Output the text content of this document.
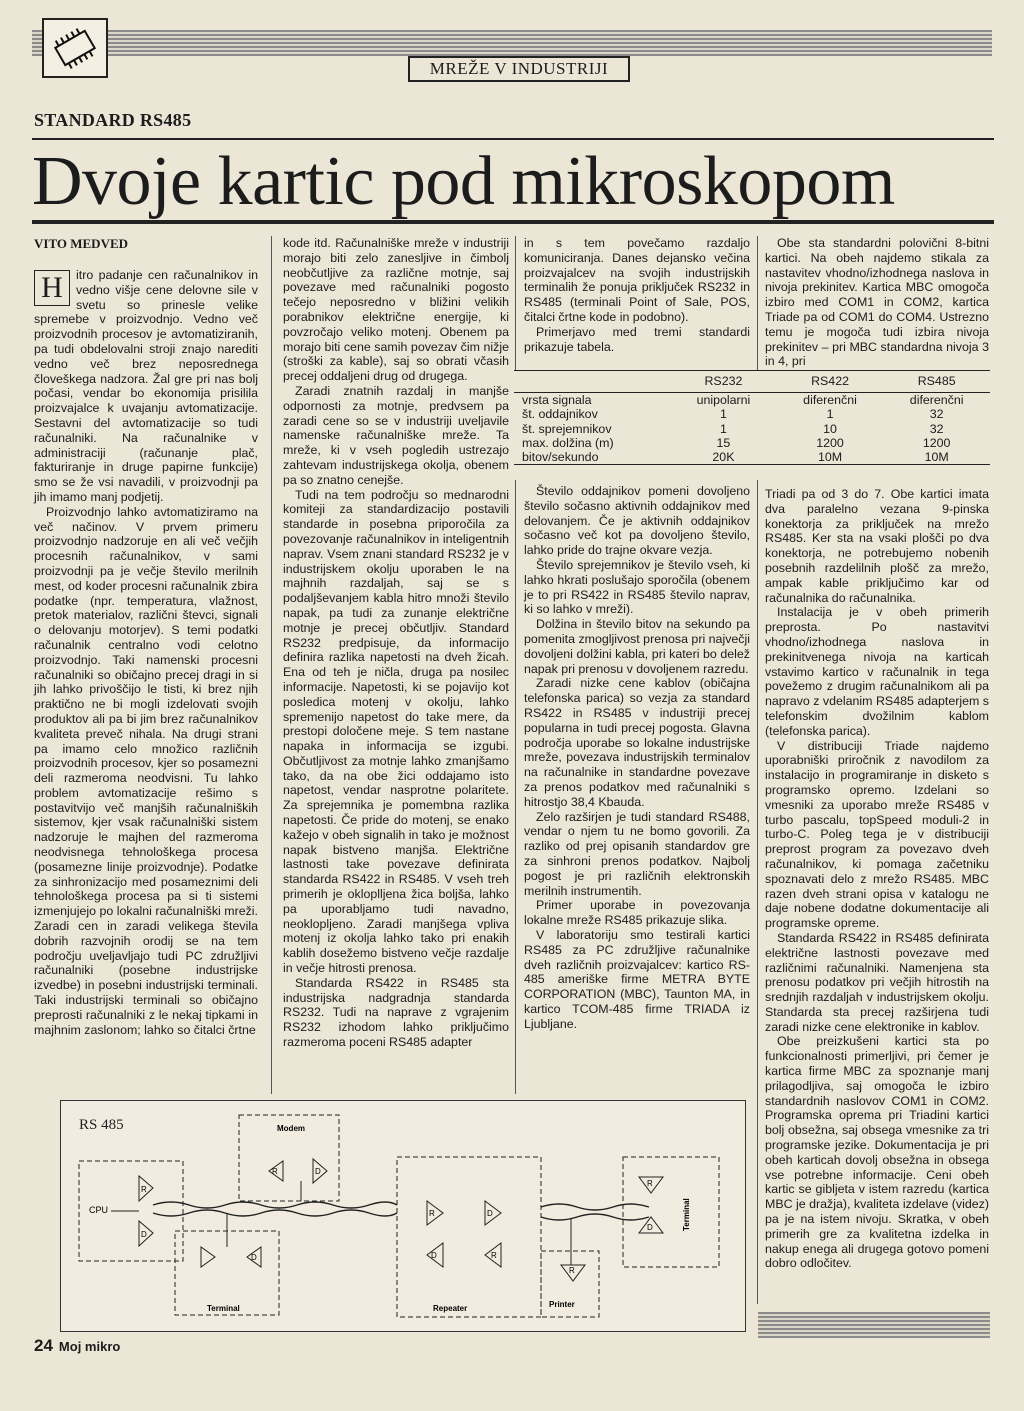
MREŽE V INDUSTRIJI
STANDARD RS485
Dvoje kartic pod mikroskopom
VITO MEDVED

H	itro padanje cen računalnikov in vedno višje cene delovne sile v svetu so prinesle velike spremebe v proizvodnjo. Vedno več proizvodnih procesov je avtomatiziranih, pa tudi obdelovalni stroji znajo narediti vedno več brez neposrednega človeškega nadzora. Žal gre pri nas bolj počasi, vendar bo ekonomija prisilila proizvajalce k uvajanju avtomatizacije. Sestavni del avtomatizacije so tudi računalniki. Na računalnike v administraciji (računanje plač, fakturiranje in druge papirne funkcije) smo se že vsi navadili, v proizvodnji pa jih imamo manj podjetij.

Proizvodnjo lahko avtomatiziramo na več načinov. V prvem primeru proizvodnjo nadzoruje en ali več večjih procesnih računalnikov, v sami proizvodnji pa je večje število merilnih mest, od koder procesni računalnik zbira podatke (npr. temperatura, vlažnost, pretok materialov, različni števci, signali o delovanju motorjev). S temi podatki računalnik centralno vodi celotno proizvodnjo. Taki namenski procesni računalniki so običajno precej dragi in si jih lahko privoščijo le tisti, ki brez njih praktično ne bi mogli izdelovati svojih produktov ali pa bi jim brez računalnikov kvaliteta preveč nihala. Na drugi strani pa imamo celo množico različnih proizvodnih procesov, kjer so posamezni deli razmeroma neodvisni. Tu lahko problem avtomatizacije rešimo s postavitvijo več manjših računalniških sistemov, kjer vsak računalniški sistem nadzoruje le majhen del razmeroma neodvisnega tehnološkega procesa (posamezne linije proizvodnje). Podatke za sinhronizacijo med posameznimi deli tehnološkega procesa pa si ti sistemi izmenjujejo po lokalni računalniški mreži. Zaradi cen in zaradi velikega števila dobrih razvojnih orodij se na tem področju uveljavljajo tudi PC združljivi računalniki (posebne industrijske izvedbe) in posebni industrijski terminali. Taki industrijski terminali so običajno preprosti računalniki z le nekaj tipkami in majhnim zaslonom; lahko so čitalci črtne

kode itd. Računalniške mreže v industriji morajo biti zelo zanesljive in čimbolj neobčutljive za različne motnje, saj povezave med računalniki pogosto tečejo neposredno v bližini velikih porabnikov električne energije, ki povzročajo veliko motenj. Obenem pa morajo biti cene samih povezav čim nižje (stroški za kable), saj so obrati včasih precej oddaljeni drug od drugega.

Zaradi znatnih razdalj in manjše odpornosti za motnje, predvsem pa zaradi cene so se v industriji uveljavile namenske računalniške mreže. Ta mreže, ki v vseh pogledih ustrezajo zahtevam industrijskega okolja, obenem pa so znatno cenejše.

Tudi na tem področju so mednarodni komiteji za standardizacijo postavili standarde in posebna priporočila za povezovanje računalnikov in inteligentnih naprav. Vsem znani standard RS232 je v industrijskem okolju uporaben le na majhnih razdaljah, saj se s podaljševanjem kabla hitro množi število napak, pa tudi za zunanje električne motnje je precej občutljiv. Standard RS232 predpisuje, da informacijo definira razlika napetosti na dveh žicah. Ena od teh je ničla, druga pa nosilec informacije. Napetosti, ki se pojavijo kot posledica motenj v okolju, lahko spremenijo napetost do take mere, da prestopi določene meje. S tem nastane napaka in informacija se izgubi. Občutljivost za motnje lahko zmanjšamo tako, da na obe žici oddajamo isto napetost, vendar nasprotne polaritete. Za sprejemnika je pomembna razlika napetosti. Če pride do motenj, se enako kažejo v obeh signalih in tako je možnost napak bistveno manjša. Električne lastnosti take povezave definirata standarda RS422 in RS485. V vseh treh primerih je okloplljena žica boljša, lahko pa uporabljamo tudi navadno, neoklopljeno. Zaradi manjšega vpliva motenj iz okolja lahko tako pri enakih kablih dosežemo bistveno večje razdalje in večje hitrosti prenosa.

Standarda RS422 in RS485 sta industrijska nadgradnja standarda RS232. Tudi na napravе z vgrajenim RS232 izhodom lahko priključimo razmeroma poceni RS485 adapter

in s tem povečamo razdaljo komuniciranja. Danes dejansko večina proizvajalcev na svojih industrijskih terminalih že ponuja priključek RS232 in RS485 (terminali Point of Sale, POS, čitalci črtne kode in podobno).

Primerjavo med tremi standardi prikazuje tabela.

Obe sta standardni polovični 8-bitni kartici. Na obeh najdemo stikala za nastavitev vhodno/izhodnega naslova in nivoja prekinitev. Kartica MBC omogoča izbiro med COM1 in COM2, kartica Triade pa od COM1 do COM4. Ustrezno temu je mogoča tudi izbira nivoja prekinitev – pri MBC standardna nivoja 3 in 4, pri

	RS232	RS422	RS485
vrsta signala	unipolarni	diferenčni	diferenčni
št. oddajnikov	1	1	32
št. sprejemnikov	1	10	32
max. dolžina (m)	15	1200	1200
bitov/sekundo	20K	10M	10M

Število oddajnikov pomeni dovoljeno število sočasno aktivnih oddajnikov med delovanjem. Če je aktivnih oddajnikov sočasno več kot pa dovoljeno število, lahko pride do trajne okvare vezja.

Število sprejemnikov je število vseh, ki lahko hkrati poslušajo sporočila (obenem je to pri RS422 in RS485 število naprav, ki so lahko v mreži).

Dolžina in število bitov na sekundo pa pomenita zmogljivost prenosa pri največji dovoljeni dolžini kabla, pri kateri bo delež napak pri prenosu v dovoljenem razredu.

Zaradi nizke cene kablov (običajna telefonska parica) so vezja za standard RS422 in RS485 v industriji precej popularna in tudi precej pogosta. Glavna področja uporabe so lokalne industrijske mreže, povezava industrijskih terminalov na računalnike in standardne povezave za prenos podatkov med računalniki s hitrostjo 38,4 Kbauda.

Zelo razširjen je tudi standard RS488, vendar o njem tu ne bomo govorili. Za razliko od prej opisanih standardov gre za sinhroni prenos podatkov. Najbolj pogost je pri različnih elektronskih merilnih instrumentih.

Primer uporabe in povezovanja lokalne mreže RS485 prikazuje slika.

V laboratoriju smo testirali kartici RS485 za PC združljive računalnike dveh različnih proizvajalcev: kartico RS-485 ameriške firme METRA BYTE CORPORATION (MBC), Taunton MA, in kartico TCOM-485 firme TRIADA iz Ljubljane.

Triadi pa od 3 do 7. Obe kartici imata dva paralelno vezana 9-pinska konektorja za priključek na mrežo RS485. Ker sta na vsaki plošči po dva konektorja, ne potrebujemo nobenih posebnih razdelilnih plošč za mrežo, ampak kable priključimo kar od računalnika do računalnika.

Instalacija je v obeh primerih preprosta. Po nastavitvi vhodno/izhodnega naslova in prekinitvenega nivoja na karticah vstavimo kartico v računalnik in tega povežemo z drugim računalnikom ali pa napravo z vdelanim RS485 adapterjem s telefonskim dvožilnim kablom (telefonska parica).

V distribuciji Triade najdemo uporabniški priročnik z navodilom za instalacijo in programiranje in disketo s programsko opremo. Izdelani so vmesniki za uporabo mreže RS485 v turbo pascalu, topSpeed moduli-2 in turbo-C. Poleg tega je v distribuciji preprost program za povezavo dveh računalnikov, ki pomaga začetniku spoznavati delo z mrežo RS485. MBC razen dveh strani opisa v katalogu ne daje nobene dodatne dokumentacije ali programske opreme.

Standarda RS422 in RS485 definirata električne lastnosti povezave med različnimi računalniki. Namenjena sta prenosu podatkov pri večjih hitrostih na srednjih razdaljah v industrijskem okolju. Standarda sta precej razširjena tudi zaradi nizke cene elektronike in kablov.

Obe preizkušeni kartici sta po funkcionalnosti primerljivi, pri čemer je kartica firme MBC za spoznanje manj prilagodljiva, saj omogoča le izbiro standardnih naslovov COM1 in COM2. Programska oprema pri Triadini kartici bolj obsežna, saj obsega vmesnike za tri programske jezike. Dokumentacija je pri obeh karticah dovolj obsežna in obsega vse potrebne informacije. Ceni obeh kartic se gibljeta v istem razredu (kartica MBC je dražja), kvaliteta izdelave (videz) pa je na istem nivoju. Skratka, v obeh primerih gre za kvalitetna izdelka in nakup enega ali drugega gotovo pomeni dobro odločitev.

RS 485
CPU
R
D
Modem
R	D
Terminal
D
Repeater
R	D
D	R
Printer
R
Terminal
R
D
24 Moj mikro
